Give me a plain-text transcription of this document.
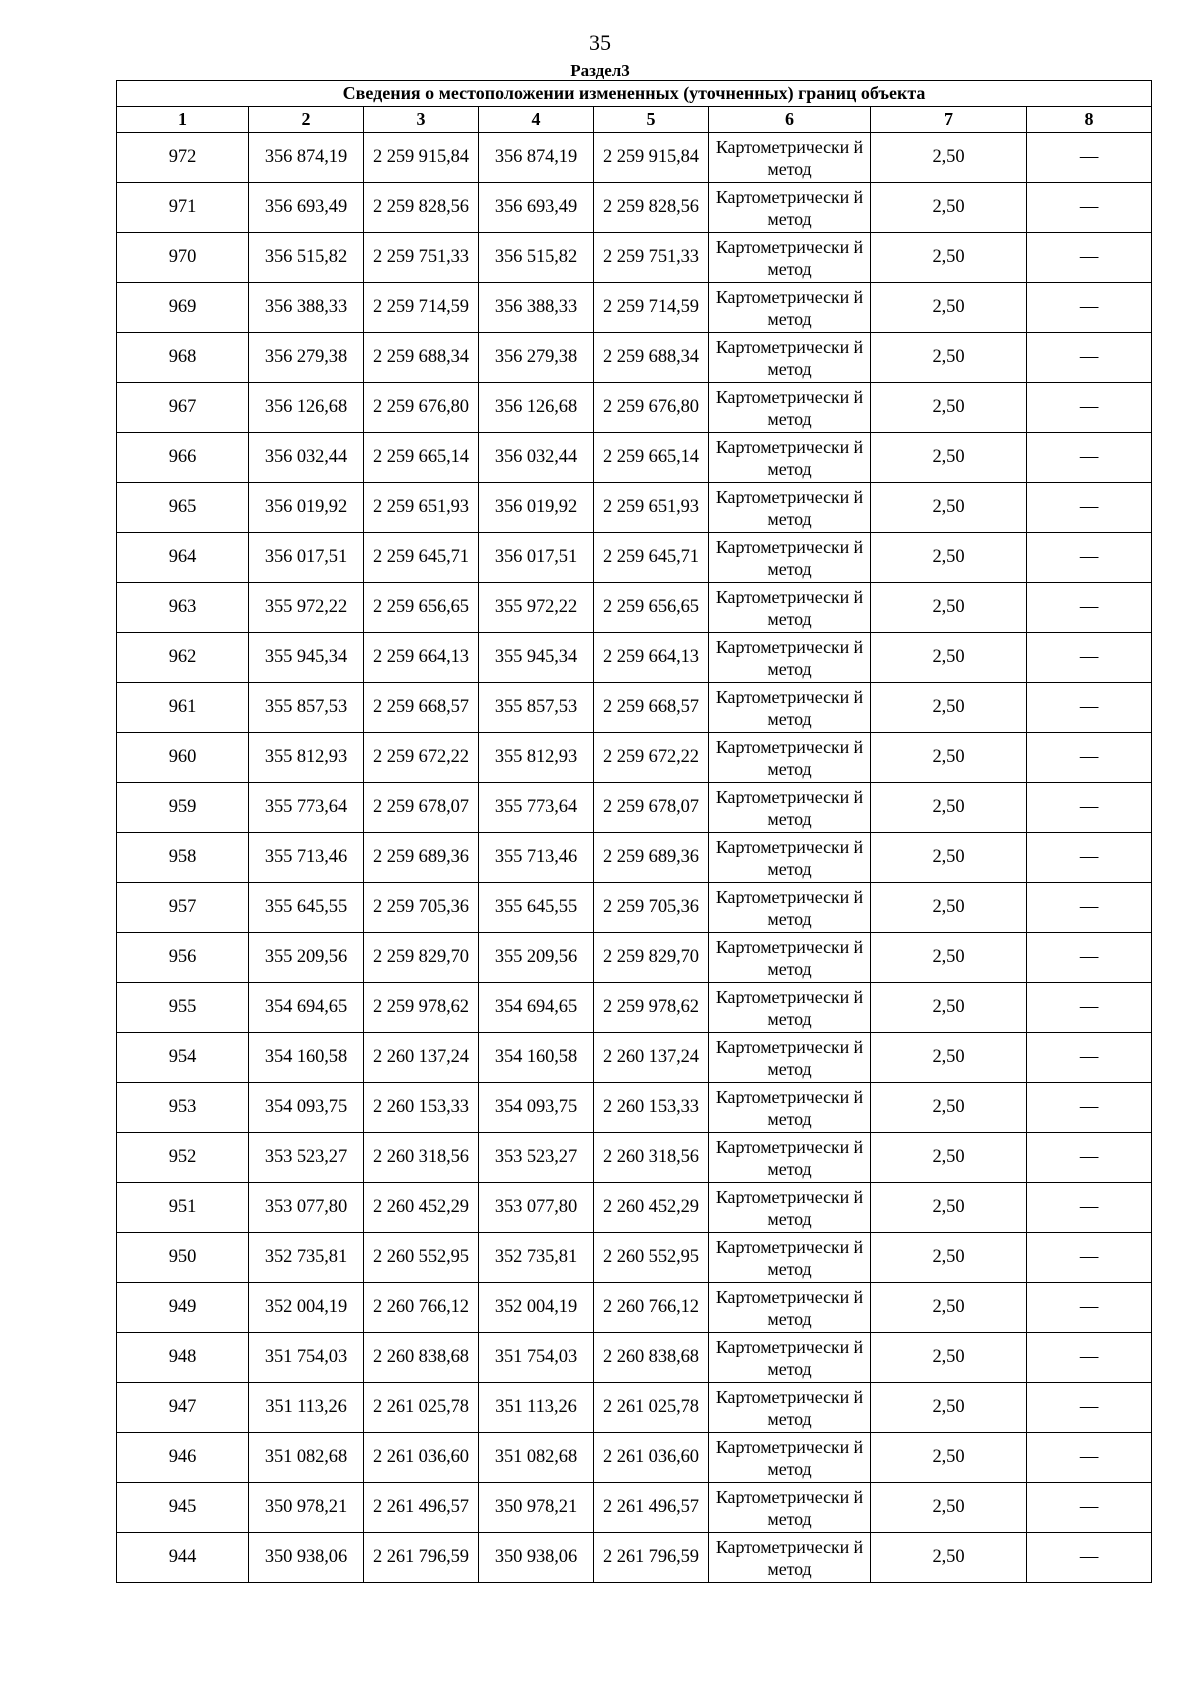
35
Раздел3
Сведения о местоположении измененных (уточненных) границ объекта							
1	2	3	4	5	6	7	8
972	356 874,19	2 259 915,84	356 874,19	2 259 915,84	Картометрически й метод	2,50	—
971	356 693,49	2 259 828,56	356 693,49	2 259 828,56	Картометрически й метод	2,50	—
970	356 515,82	2 259 751,33	356 515,82	2 259 751,33	Картометрически й метод	2,50	—
969	356 388,33	2 259 714,59	356 388,33	2 259 714,59	Картометрически й метод	2,50	—
968	356 279,38	2 259 688,34	356 279,38	2 259 688,34	Картометрически й метод	2,50	—
967	356 126,68	2 259 676,80	356 126,68	2 259 676,80	Картометрически й метод	2,50	—
966	356 032,44	2 259 665,14	356 032,44	2 259 665,14	Картометрически й метод	2,50	—
965	356 019,92	2 259 651,93	356 019,92	2 259 651,93	Картометрически й метод	2,50	—
964	356 017,51	2 259 645,71	356 017,51	2 259 645,71	Картометрически й метод	2,50	—
963	355 972,22	2 259 656,65	355 972,22	2 259 656,65	Картометрически й метод	2,50	—
962	355 945,34	2 259 664,13	355 945,34	2 259 664,13	Картометрически й метод	2,50	—
961	355 857,53	2 259 668,57	355 857,53	2 259 668,57	Картометрически й метод	2,50	—
960	355 812,93	2 259 672,22	355 812,93	2 259 672,22	Картометрически й метод	2,50	—
959	355 773,64	2 259 678,07	355 773,64	2 259 678,07	Картометрически й метод	2,50	—
958	355 713,46	2 259 689,36	355 713,46	2 259 689,36	Картометрически й метод	2,50	—
957	355 645,55	2 259 705,36	355 645,55	2 259 705,36	Картометрически й метод	2,50	—
956	355 209,56	2 259 829,70	355 209,56	2 259 829,70	Картометрически й метод	2,50	—
955	354 694,65	2 259 978,62	354 694,65	2 259 978,62	Картометрически й метод	2,50	—
954	354 160,58	2 260 137,24	354 160,58	2 260 137,24	Картометрически й метод	2,50	—
953	354 093,75	2 260 153,33	354 093,75	2 260 153,33	Картометрически й метод	2,50	—
952	353 523,27	2 260 318,56	353 523,27	2 260 318,56	Картометрически й метод	2,50	—
951	353 077,80	2 260 452,29	353 077,80	2 260 452,29	Картометрически й метод	2,50	—
950	352 735,81	2 260 552,95	352 735,81	2 260 552,95	Картометрически й метод	2,50	—
949	352 004,19	2 260 766,12	352 004,19	2 260 766,12	Картометрически й метод	2,50	—
948	351 754,03	2 260 838,68	351 754,03	2 260 838,68	Картометрически й метод	2,50	—
947	351 113,26	2 261 025,78	351 113,26	2 261 025,78	Картометрически й метод	2,50	—
946	351 082,68	2 261 036,60	351 082,68	2 261 036,60	Картометрически й метод	2,50	—
945	350 978,21	2 261 496,57	350 978,21	2 261 496,57	Картометрически й метод	2,50	—
944	350 938,06	2 261 796,59	350 938,06	2 261 796,59	Картометрически й метод	2,50	—
